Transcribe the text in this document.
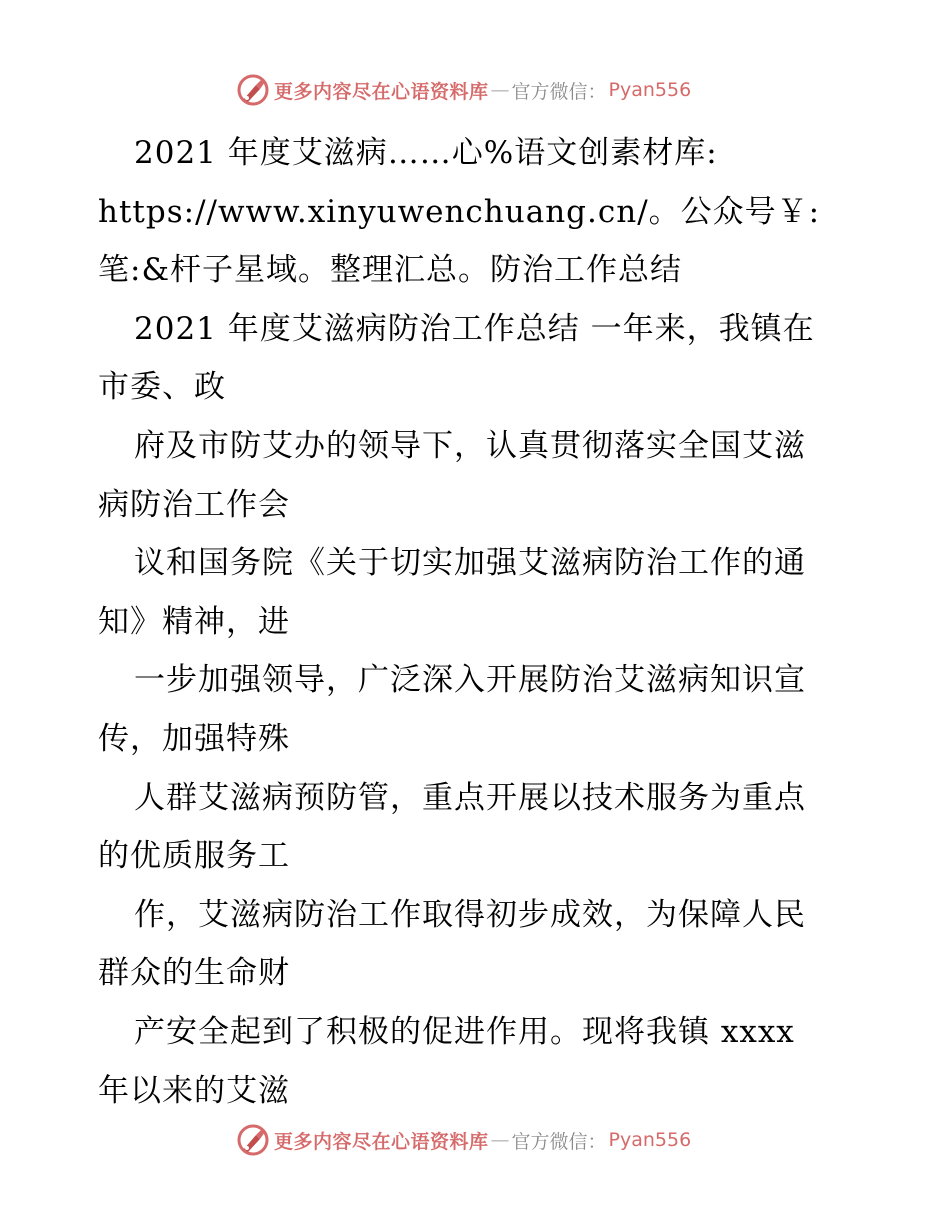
更多内容尽在心语资料库 — 官方微信： Pyan556
2021 年度艾滋病……心%语文创素材库:
https://www.xinyuwenchuang.cn/。公众号￥:
笔:&杆子星域。整理汇总。防治工作总结
2021 年度艾滋病防治工作总结 一年来，我镇在
市委、政
府及市防艾办的领导下，认真贯彻落实全国艾滋
病防治工作会
议和国务院《关于切实加强艾滋病防治工作的通
知》精神，进
一步加强领导，广泛深入开展防治艾滋病知识宣
传，加强特殊
人群艾滋病预防管，重点开展以技术服务为重点
的优质服务工
作，艾滋病防治工作取得初步成效，为保障人民
群众的生命财
产安全起到了积极的促进作用。现将我镇 xxxx
年以来的艾滋
更多内容尽在心语资料库 — 官方微信： Pyan556
